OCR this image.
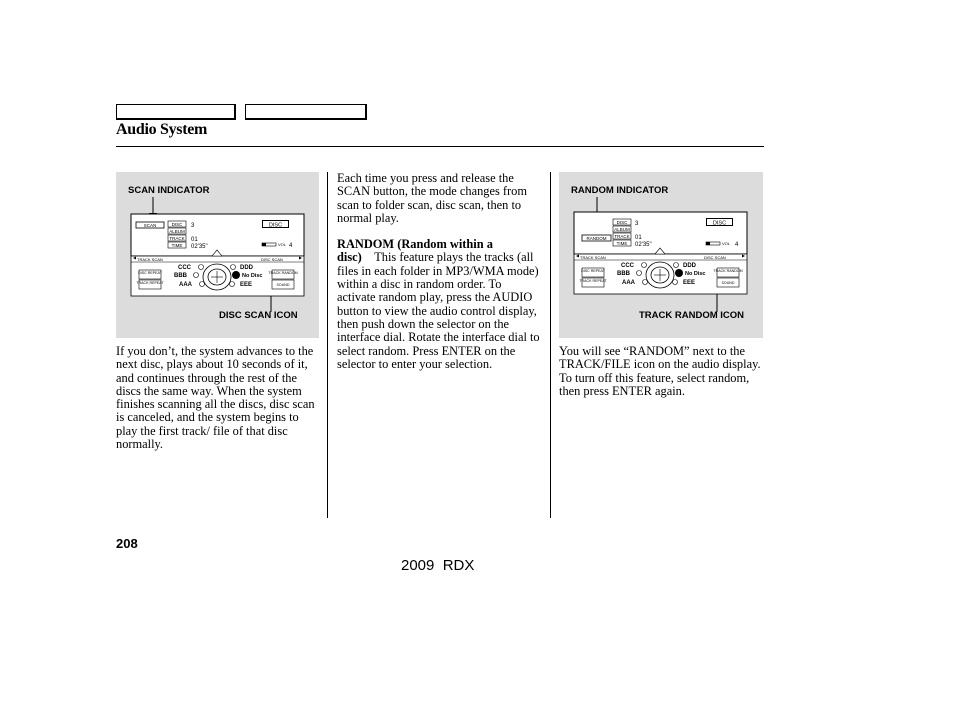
Audio System
SCAN INDICATOR
SCAN	DISC
ALBUM
TRACK
TIME
3
01
02'35"
DISC
VOL 4
TRACK SCAN	DISC SCAN
CCC	DDD
BBB
AAA	EEE
No Disc
DISC REPEAT
TRACK REPEAT
TRACK RANDOM
SOUND
DISC SCAN ICON
RANDOM INDICATOR
RANDOM
DISC
ALBUM
TRACK
TIME
3
01
02'35"
DISC
VOL 4
TRACK SCAN	DISC SCAN
CCC	DDD
BBB
AAA	EEE
No Disc
DISC REPEAT
TRACK REPEAT
TRACK RANDOM
SOUND
TRACK RANDOM ICON

If you don’t, the system advances to the next disc, plays about 10 seconds of it, and continues through the rest of the discs the same way. When the system finishes scanning all the discs, disc scan is canceled, and the system begins to play the first track/ file of that disc normally.

Each time you press and release the SCAN button, the mode changes from scan to folder scan, disc scan, then to normal play.

RANDOM (Random within a disc) This feature plays the tracks (all files in each folder in MP3/WMA mode) within a disc in random order. To activate random play, press the AUDIO button to view the audio control display, then push down the selector on the interface dial. Rotate the interface dial to select random. Press ENTER on the selector to enter your selection.

You will see “RANDOM” next to the TRACK/FILE icon on the audio display. To turn off this feature, select random, then press ENTER again.

208
2009  RDX
